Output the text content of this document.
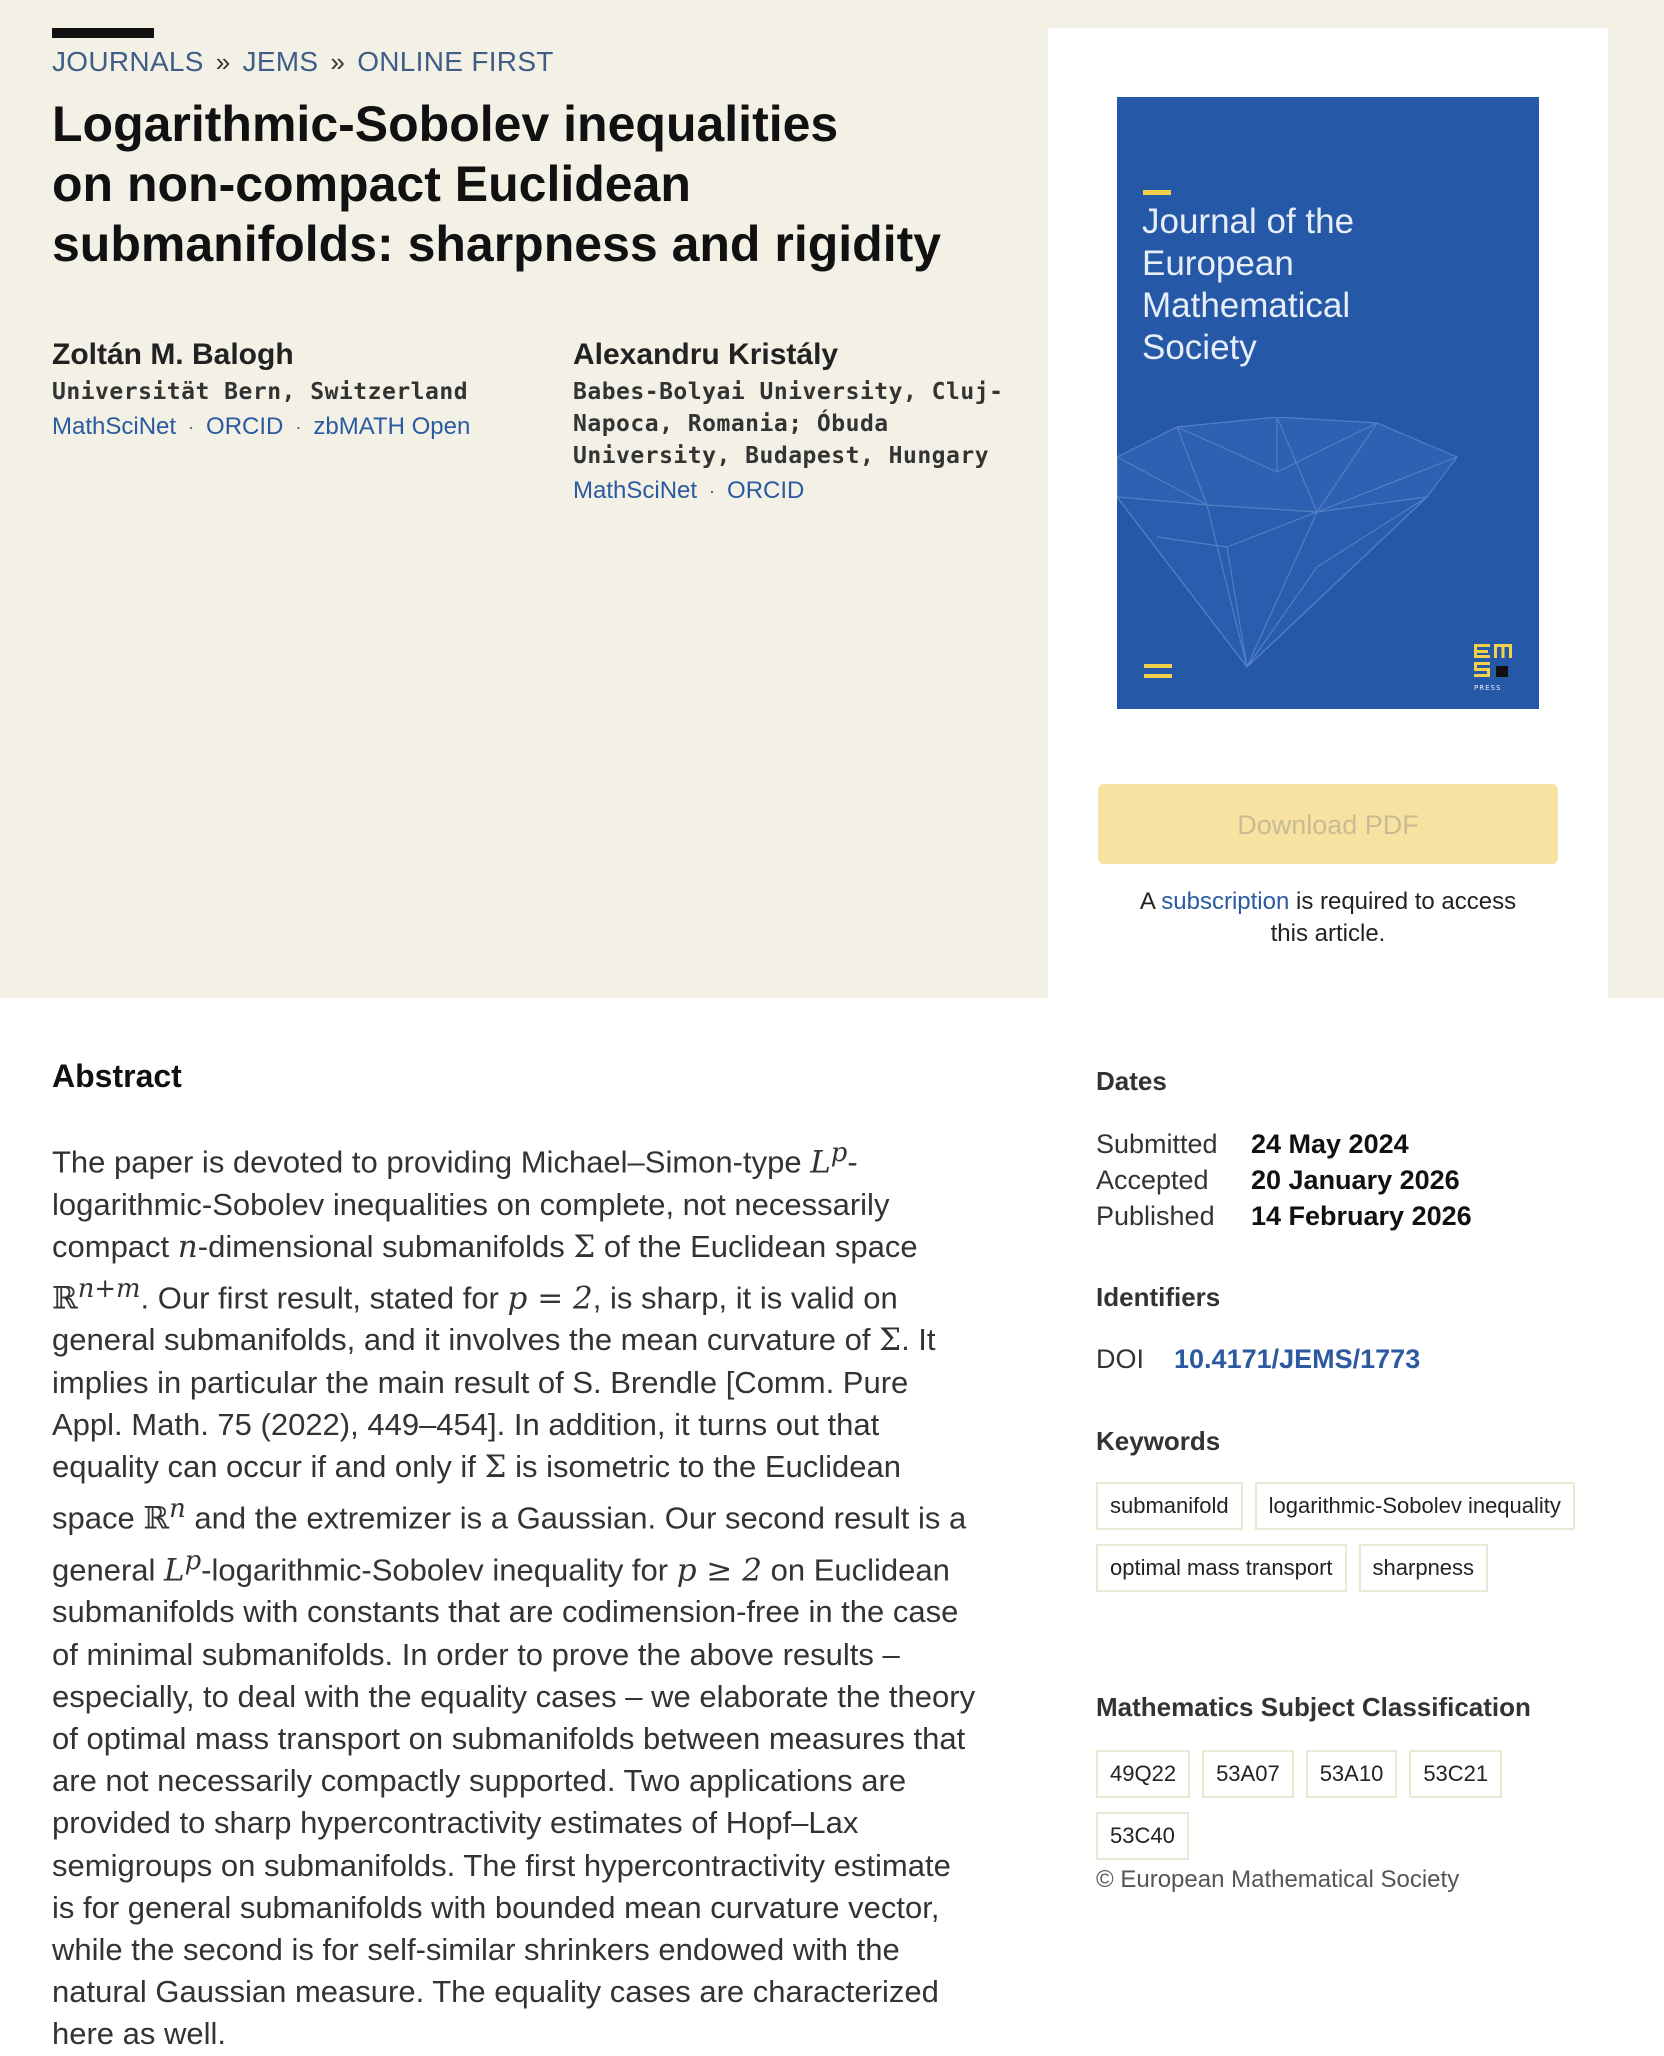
JOURNALS » JEMS » ONLINE FIRST
Logarithmic-Sobolev inequalities
on non-compact Euclidean
submanifolds: sharpness and rigidity
Zoltán M. Balogh
Universität Bern, Switzerland
MathSciNet · ORCID · zbMATH Open
Alexandru Kristály
Babes-Bolyai University, Cluj-
Napoca, Romania; Óbuda
University, Budapest, Hungary
MathSciNet · ORCID
Journal of the
European
Mathematical
Society
PRESS
Download PDF
A subscription is required to access
this article.
Abstract
The paper is devoted to providing Michael–Simon-type $L^p-$
logarithmic-Sobolev inequalities on complete, not necessarily
compact n-dimensional submanifolds Σ of the Euclidean space
ℝ$^{n+m}$. Our first result, stated for p = 2, is sharp, it is valid on
general submanifolds, and it involves the mean curvature of Σ. It
implies in particular the main result of S. Brendle [Comm. Pure
Appl. Math. 75 (2022), 449–454]. In addition, it turns out that
equality can occur if and only if Σ is isometric to the Euclidean
space ℝ$^n$ and the extremizer is a Gaussian. Our second result is a
general $L^p-logarithmic$-Sobolev inequality for p ≥ 2 on Euclidean
submanifolds with constants that are codimension-free in the case
of minimal submanifolds. In order to prove the above results –
especially, to deal with the equality cases – we elaborate the theory
of optimal mass transport on submanifolds between measures that
are not necessarily compactly supported. Two applications are
provided to sharp hypercontractivity estimates of Hopf–Lax
semigroups on submanifolds. The first hypercontractivity estimate
is for general submanifolds with bounded mean curvature vector,
while the second is for self-similar shrinkers endowed with the
natural Gaussian measure. The equality cases are characterized
here as well.
Dates
Submitted	24 May 2024
Accepted	20 January 2026
Published	14 February 2026
Identifiers
DOI 10.4171/JEMS/1773
Keywords
submanifold	logarithmic-Sobolev inequality
optimal mass transport	sharpness
Mathematics Subject Classification
49Q22	53A07	53A10	53C21
53C40
© European Mathematical Society
